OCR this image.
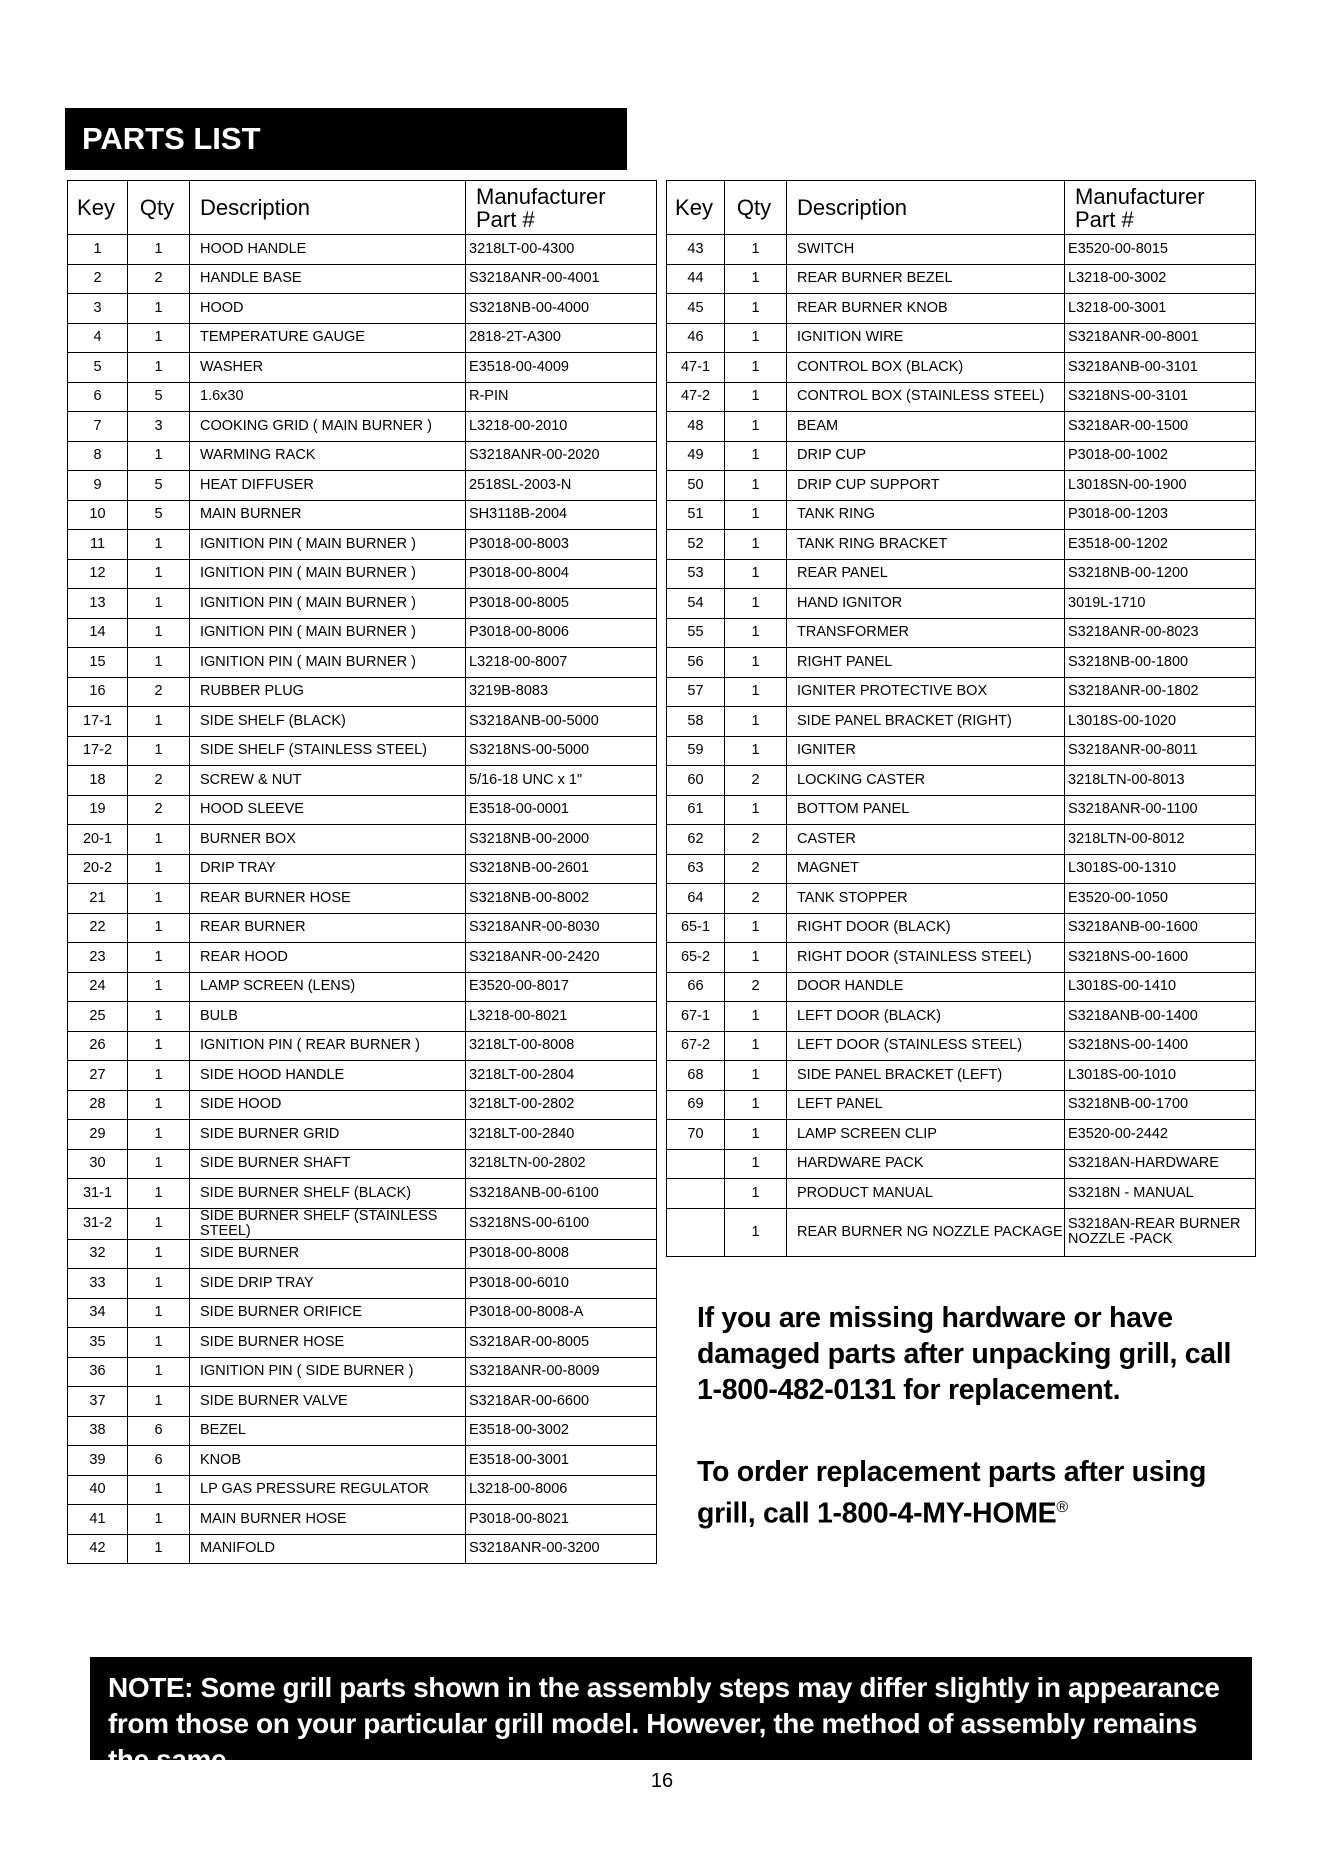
PARTS LIST
Key	Qty	Description	Manufacturer
Part #
1	1	HOOD HANDLE	3218LT-00-4300
2	2	HANDLE BASE	S3218ANR-00-4001
3	1	HOOD	S3218NB-00-4000
4	1	TEMPERATURE GAUGE	2818-2T-A300
5	1	WASHER	E3518-00-4009
6	5	1.6x30	R-PIN
7	3	COOKING GRID ( MAIN BURNER )	L3218-00-2010
8	1	WARMING RACK	S3218ANR-00-2020
9	5	HEAT DIFFUSER	2518SL-2003-N
10	5	MAIN BURNER	SH3118B-2004
11	1	IGNITION PIN ( MAIN BURNER )	P3018-00-8003
12	1	IGNITION PIN ( MAIN BURNER )	P3018-00-8004
13	1	IGNITION PIN ( MAIN BURNER )	P3018-00-8005
14	1	IGNITION PIN ( MAIN BURNER )	P3018-00-8006
15	1	IGNITION PIN ( MAIN BURNER )	L3218-00-8007
16	2	RUBBER PLUG	3219B-8083
17-1	1	SIDE SHELF (BLACK)	S3218ANB-00-5000
17-2	1	SIDE SHELF (STAINLESS STEEL)	S3218NS-00-5000
18	2	SCREW & NUT	5/16-18 UNC x 1"
19	2	HOOD SLEEVE	E3518-00-0001
20-1	1	BURNER BOX	S3218NB-00-2000
20-2	1	DRIP TRAY	S3218NB-00-2601
21	1	REAR BURNER HOSE	S3218NB-00-8002
22	1	REAR BURNER	S3218ANR-00-8030
23	1	REAR HOOD	S3218ANR-00-2420
24	1	LAMP SCREEN (LENS)	E3520-00-8017
25	1	BULB	L3218-00-8021
26	1	IGNITION PIN ( REAR BURNER )	3218LT-00-8008
27	1	SIDE HOOD HANDLE	3218LT-00-2804
28	1	SIDE HOOD	3218LT-00-2802
29	1	SIDE BURNER GRID	3218LT-00-2840
30	1	SIDE BURNER SHAFT	3218LTN-00-2802
31-1	1	SIDE BURNER SHELF (BLACK)	S3218ANB-00-6100
31-2	1	SIDE BURNER SHELF (STAINLESS STEEL)	S3218NS-00-6100
32	1	SIDE BURNER	P3018-00-8008
33	1	SIDE DRIP TRAY	P3018-00-6010
34	1	SIDE BURNER ORIFICE	P3018-00-8008-A
35	1	SIDE BURNER HOSE	S3218AR-00-8005
36	1	IGNITION PIN ( SIDE BURNER )	S3218ANR-00-8009
37	1	SIDE BURNER VALVE	S3218AR-00-6600
38	6	BEZEL	E3518-00-3002
39	6	KNOB	E3518-00-3001
40	1	LP GAS PRESSURE REGULATOR	L3218-00-8006
41	1	MAIN BURNER HOSE	P3018-00-8021
42	1	MANIFOLD	S3218ANR-00-3200
Key	Qty	Description	Manufacturer
Part #
43	1	SWITCH	E3520-00-8015
44	1	REAR BURNER BEZEL	L3218-00-3002
45	1	REAR BURNER KNOB	L3218-00-3001
46	1	IGNITION WIRE	S3218ANR-00-8001
47-1	1	CONTROL BOX (BLACK)	S3218ANB-00-3101
47-2	1	CONTROL BOX (STAINLESS STEEL)	S3218NS-00-3101
48	1	BEAM	S3218AR-00-1500
49	1	DRIP CUP	P3018-00-1002
50	1	DRIP CUP SUPPORT	L3018SN-00-1900
51	1	TANK RING	P3018-00-1203
52	1	TANK RING BRACKET	E3518-00-1202
53	1	REAR PANEL	S3218NB-00-1200
54	1	HAND IGNITOR	3019L-1710
55	1	TRANSFORMER	S3218ANR-00-8023
56	1	RIGHT PANEL	S3218NB-00-1800
57	1	IGNITER PROTECTIVE BOX	S3218ANR-00-1802
58	1	SIDE PANEL BRACKET (RIGHT)	L3018S-00-1020
59	1	IGNITER	S3218ANR-00-8011
60	2	LOCKING CASTER	3218LTN-00-8013
61	1	BOTTOM PANEL	S3218ANR-00-1100
62	2	CASTER	3218LTN-00-8012
63	2	MAGNET	L3018S-00-1310
64	2	TANK STOPPER	E3520-00-1050
65-1	1	RIGHT DOOR (BLACK)	S3218ANB-00-1600
65-2	1	RIGHT DOOR (STAINLESS STEEL)	S3218NS-00-1600
66	2	DOOR HANDLE	L3018S-00-1410
67-1	1	LEFT DOOR (BLACK)	S3218ANB-00-1400
67-2	1	LEFT DOOR (STAINLESS STEEL)	S3218NS-00-1400
68	1	SIDE PANEL BRACKET (LEFT)	L3018S-00-1010
69	1	LEFT PANEL	S3218NB-00-1700
70	1	LAMP SCREEN CLIP	E3520-00-2442
	1	HARDWARE PACK	S3218AN-HARDWARE
	1	PRODUCT MANUAL	S3218N - MANUAL
	1	REAR BURNER NG NOZZLE PACKAGE	S3218AN-REAR BURNER NOZZLE -PACK
If you are missing hardware or have damaged parts after unpacking grill, call 1-800-482-0131 for replacement.
To order replacement parts after using grill, call 1-800-4-MY-HOME®
NOTE: Some grill parts shown in the assembly steps may differ slightly in appearance from those on your particular grill model. However, the method of assembly remains the same.
16
